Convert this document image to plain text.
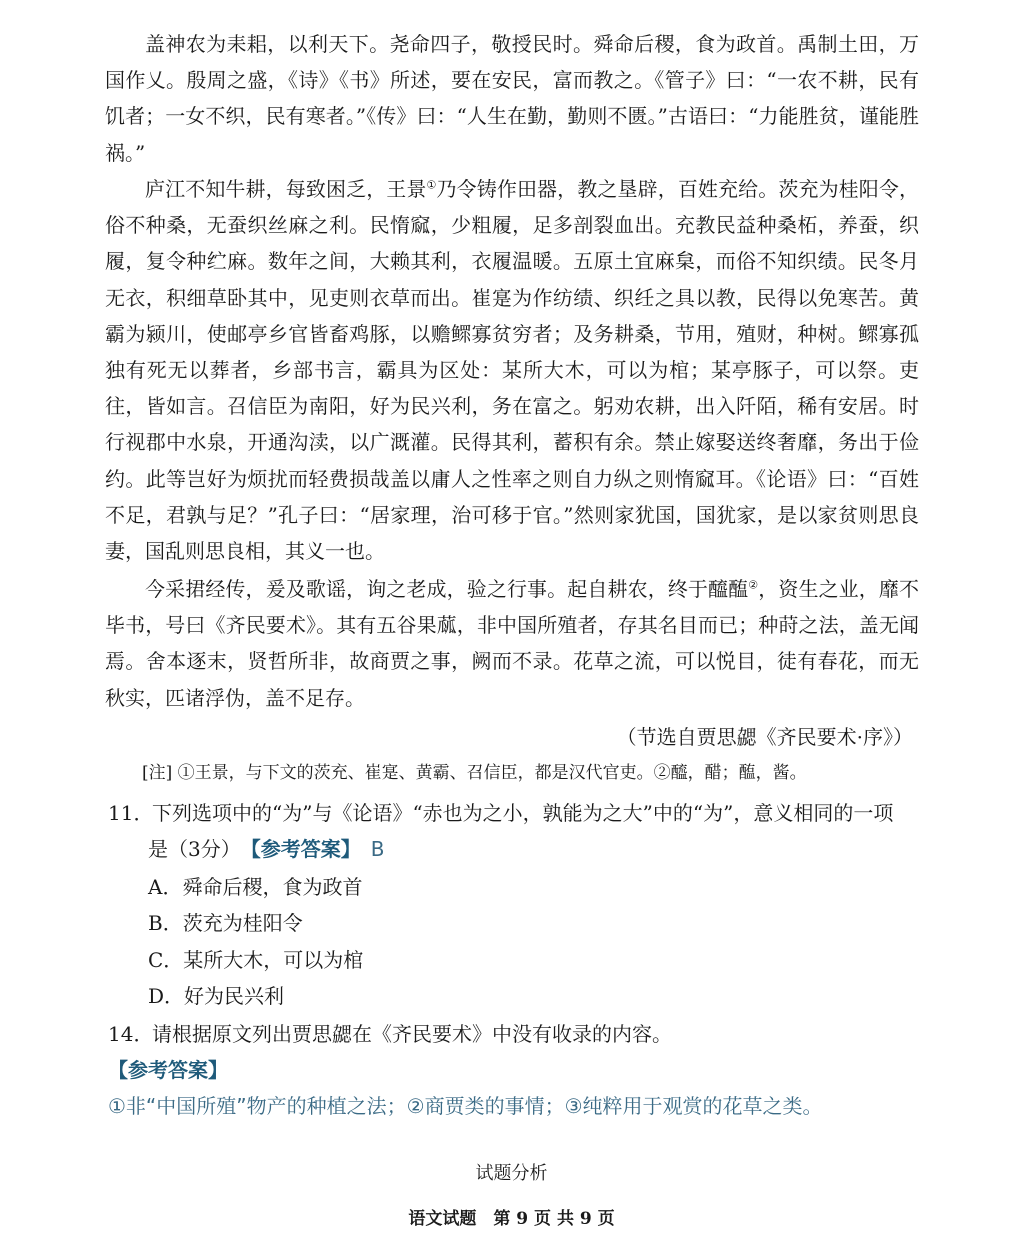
盖神农为耒耜，以利天下。尧命四子，敬授民时。舜命后稷，食为政首。禹制土田，万国作乂。殷周之盛，《诗》《书》所述，要在安民，富而教之。《管子》曰：“一农不耕，民有饥者；一女不织，民有寒者。”《传》曰：“人生在勤，勤则不匮。”古语曰：“力能胜贫，谨能胜祸。”

庐江不知牛耕，每致困乏，王景①乃令铸作田器，教之垦辟，百姓充给。茨充为桂阳令，俗不种桑，无蚕织丝麻之利。民惰窳，少粗履，足多剖裂血出。充教民益种桑柘，养蚕，织履，复令种纻麻。数年之间，大赖其利，衣履温暖。五原土宜麻枲，而俗不知织绩。民冬月无衣，积细草卧其中，见吏则衣草而出。崔寔为作纺绩、织纴之具以教，民得以免寒苦。黄霸为颍川，使邮亭乡官皆畜鸡豚，以赡鳏寡贫穷者；及务耕桑，节用，殖财，种树。鳏寡孤独有死无以葬者，乡部书言，霸具为区处：某所大木，可以为棺；某亭豚子，可以祭。吏往，皆如言。召信臣为南阳，好为民兴利，务在富之。躬劝农耕，出入阡陌，稀有安居。时行视郡中水泉，开通沟渎，以广溉灌。民得其利，蓄积有余。禁止嫁娶送终奢靡，务出于俭约。此等岂好为烦扰而轻费损哉盖以庸人之性率之则自力纵之则惰窳耳。《论语》曰：“百姓不足，君孰与足？”孔子曰：“居家理，治可移于官。”然则家犹国，国犹家，是以家贫则思良妻，国乱则思良相，其义一也。

今采捃经传，爰及歌谣，询之老成，验之行事。起自耕农，终于醯醢②，资生之业，靡不毕书，号曰《齐民要术》。其有五谷果蓏，非中国所殖者，存其名目而已；种莳之法，盖无闻焉。舍本逐末，贤哲所非，故商贾之事，阙而不录。花草之流，可以悦目，徒有春花，而无秋实，匹诸浮伪，盖不足存。

（节选自贾思勰《齐民要术·序》）
[注] ①王景，与下文的茨充、崔寔、黄霸、召信臣，都是汉代官吏。②醯，醋；醢，酱。
11．下列选项中的“为”与《论语》“赤也为之小，孰能为之大”中的“为”，意义相同的一项
是（3分）　 【参考答案】　 B
A．舜命后稷，食为政首
B．茨充为桂阳令
C．某所大木，可以为棺
D．好为民兴利
14．请根据原文列出贾思勰在《齐民要术》中没有收录的内容。
【参考答案】
①非“中国所殖”物产的种植之法；②商贾类的事情；③纯粹用于观赏的花草之类。
试题分析
语文试题　第 9 页 共 9 页
